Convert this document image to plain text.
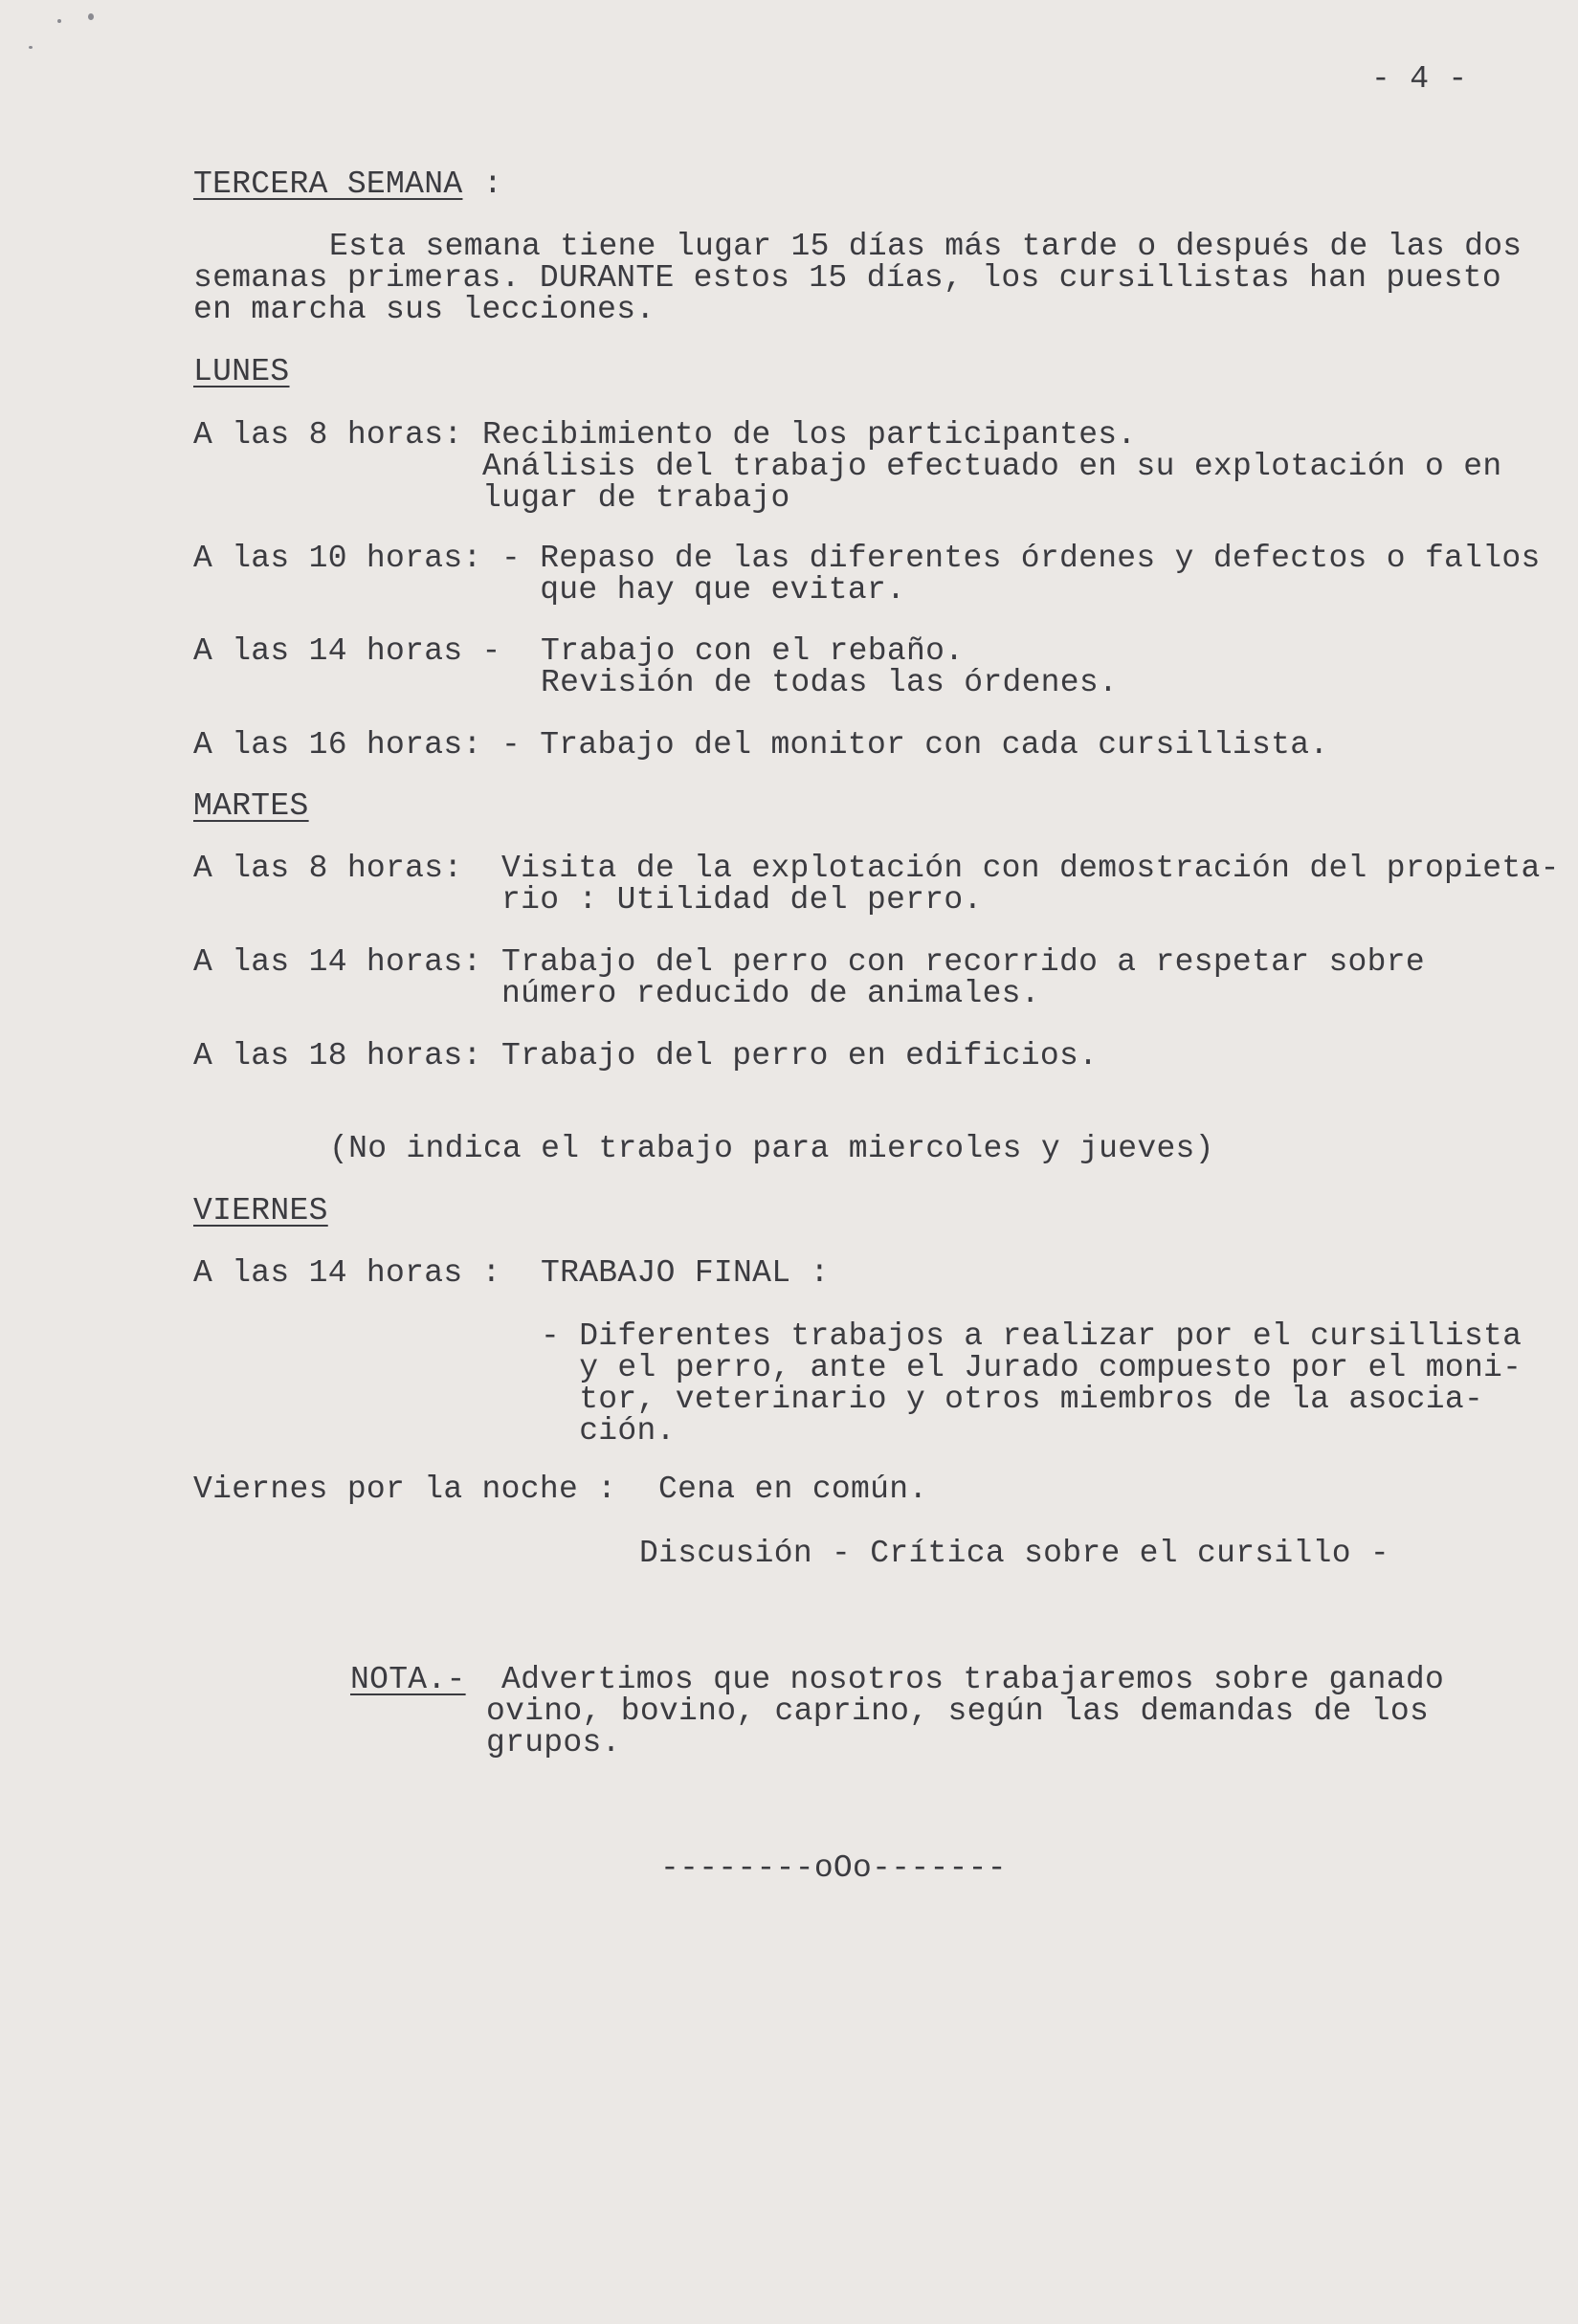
- 4 -
TERCERA SEMANA :
Esta semana tiene lugar 15 días más tarde o después de las dos
semanas primeras. DURANTE estos 15 días, los cursillistas han puesto
en marcha sus lecciones.
LUNES
A las 8 horas: Recibimiento de los participantes.
Análisis del trabajo efectuado en su explotación o en
lugar de trabajo
A las 10 horas: - Repaso de las diferentes órdenes y defectos o fallos
que hay que evitar.
A las 14 horas - Trabajo con el rebaño.
Revisión de todas las órdenes.
A las 16 horas: - Trabajo del monitor con cada cursillista.
MARTES
A las 8 horas: Visita de la explotación con demostración del propieta-
rio : Utilidad del perro.
A las 14 horas: Trabajo del perro con recorrido a respetar sobre
número reducido de animales.
A las 18 horas: Trabajo del perro en edificios.
(No indica el trabajo para miercoles y jueves)
VIERNES
A las 14 horas : TRABAJO FINAL :
- Diferentes trabajos a realizar por el cursillista
y el perro, ante el Jurado compuesto por el moni-
tor, veterinario y otros miembros de la asocia-
ción.
Viernes por la noche : Cena en común.
Discusión - Crítica sobre el cursillo -
NOTA.- Advertimos que nosotros trabajaremos sobre ganado
ovino, bovino, caprino, según las demandas de los
grupos.
--------oOo-------
